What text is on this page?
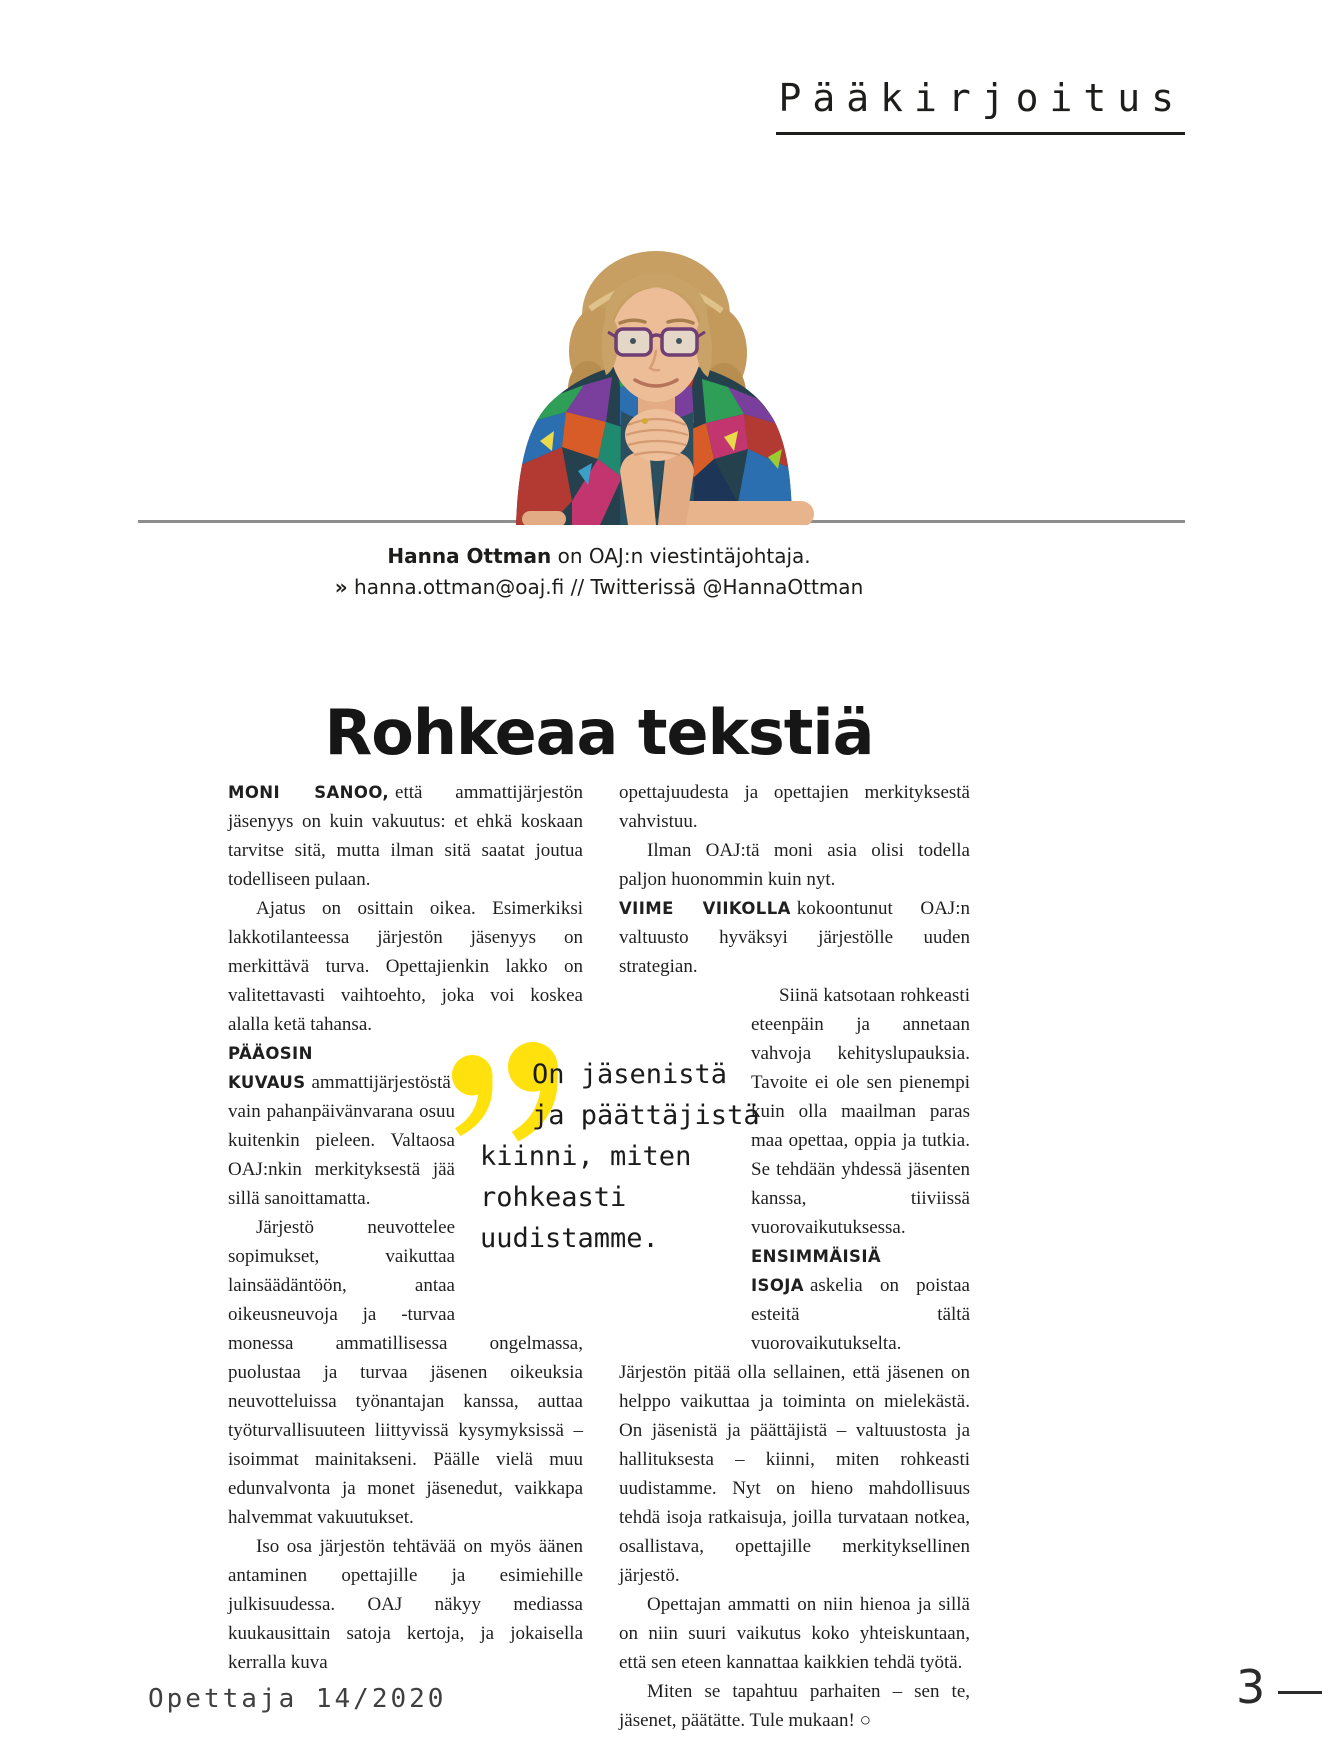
Pääkirjoitus
Hanna Ottman on OAJ:n viestintäjohtaja.
» hanna.ottman@oaj.fi // Twitterissä @HannaOttman
Rohkeaa tekstiä

MONI SANOO, että ammattijärjestön jäsenyys on kuin vakuutus: et ehkä koskaan tarvitse sitä, mutta ilman sitä saatat joutua todelliseen pulaan.

Ajatus on osittain oikea. Esimerkiksi lakkotilanteessa järjestön jäsenyys on merkittävä turva. Opettajienkin lakko on valitettavasti vaihtoehto, joka voi koskea alalla ketä tahansa.

PÄÄOSIN KUVAUS ammattijärjestöstä vain pahanpäivänvarana osuu kuitenkin pieleen. Valtaosa OAJ:nkin merkityksestä jää sillä sanoittamatta.

Järjestö neuvottelee sopimukset, vaikuttaa lainsäädäntöön, antaa oikeusneuvoja ja -turvaa monessa ammatillisessa ongelmassa, puolustaa ja turvaa jäsenen oikeuksia neuvotteluissa työnantajan kanssa, auttaa työturvallisuuteen liittyvissä kysymyksissä – isoimmat mainitakseni. Päälle vielä muu edunvalvonta ja monet jäsenedut, vaikkapa halvemmat vakuutukset.

Iso osa järjestön tehtävää on myös äänen antaminen opettajille ja esimiehille julkisuudessa. OAJ näkyy mediassa kuukausittain satoja kertoja, ja jokaisella kerralla kuva

opettajuudesta ja opettajien merkityksestä vahvistuu.

Ilman OAJ:tä moni asia olisi todella paljon huonommin kuin nyt.

VIIME VIIKOLLA kokoontunut OAJ:n valtuusto hyväksyi järjestölle uuden strategian.

Siinä katsotaan rohkeasti eteenpäin ja annetaan vahvoja kehityslupauksia. Tavoite ei ole sen pienempi kuin olla maailman paras maa opettaa, oppia ja tutkia. Se tehdään yhdessä jäsenten kanssa, tiiviissä vuorovaikutuksessa.

ENSIMMÄISIÄ ISOJA askelia on poistaa esteitä tältä vuorovaikutukselta. Järjestön pitää olla sellainen, että jäsenen on helppo vaikuttaa ja toiminta on mielekästä. On jäsenistä ja päättäjistä – valtuustosta ja hallituksesta – kiinni, miten rohkeasti uudistamme. Nyt on hieno mahdollisuus tehdä isoja ratkaisuja, joilla turvataan notkea, osallistava, opettajille merkityksellinen järjestö.

Opettajan ammatti on niin hienoa ja sillä on niin suuri vaikutus koko yhteiskuntaan, että sen eteen kannattaa kaikkien tehdä työtä.

Miten se tapahtuu parhaiten – sen te, jäsenet, päätätte. Tule mukaan! ○

On jäsenistä
ja päättäjistä
kiinni, miten
rohkeasti
uudistamme.
Opettaja 14/2020	3
